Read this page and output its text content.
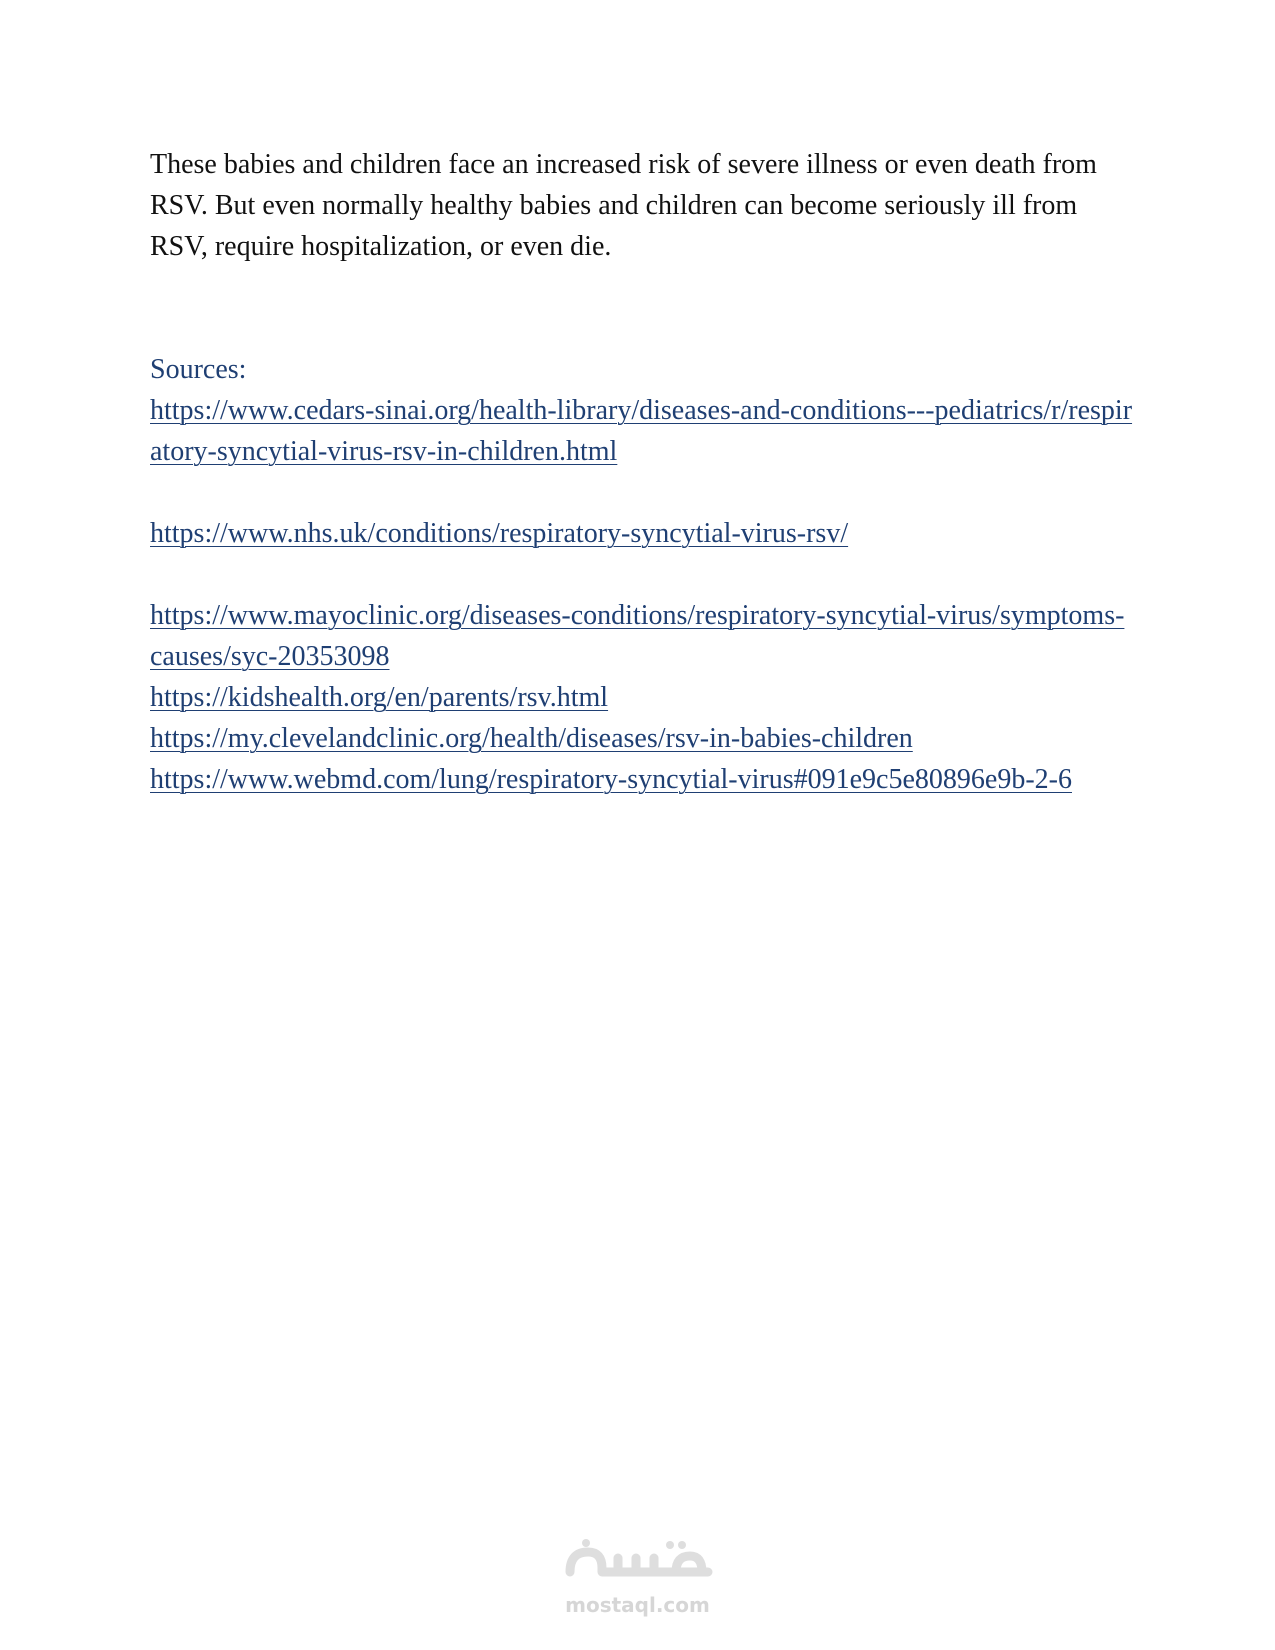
These babies and children face an increased risk of severe illness or even death from RSV. But even normally healthy babies and children can become seriously ill from RSV, require hospitalization, or even die.

Sources:

https://www.cedars-sinai.org/health-library/diseases-and-conditions---pediatrics/r/respiratory-syncytial-virus-rsv-in-children.html
https://www.nhs.uk/conditions/respiratory-syncytial-virus-rsv/
https://www.mayoclinic.org/diseases-conditions/respiratory-syncytial-virus/symptoms-causes/syc-20353098
https://kidshealth.org/en/parents/rsv.html
https://my.clevelandclinic.org/health/diseases/rsv-in-babies-children
https://www.webmd.com/lung/respiratory-syncytial-virus#091e9c5e80896e9b-2-6
mostaql.com
